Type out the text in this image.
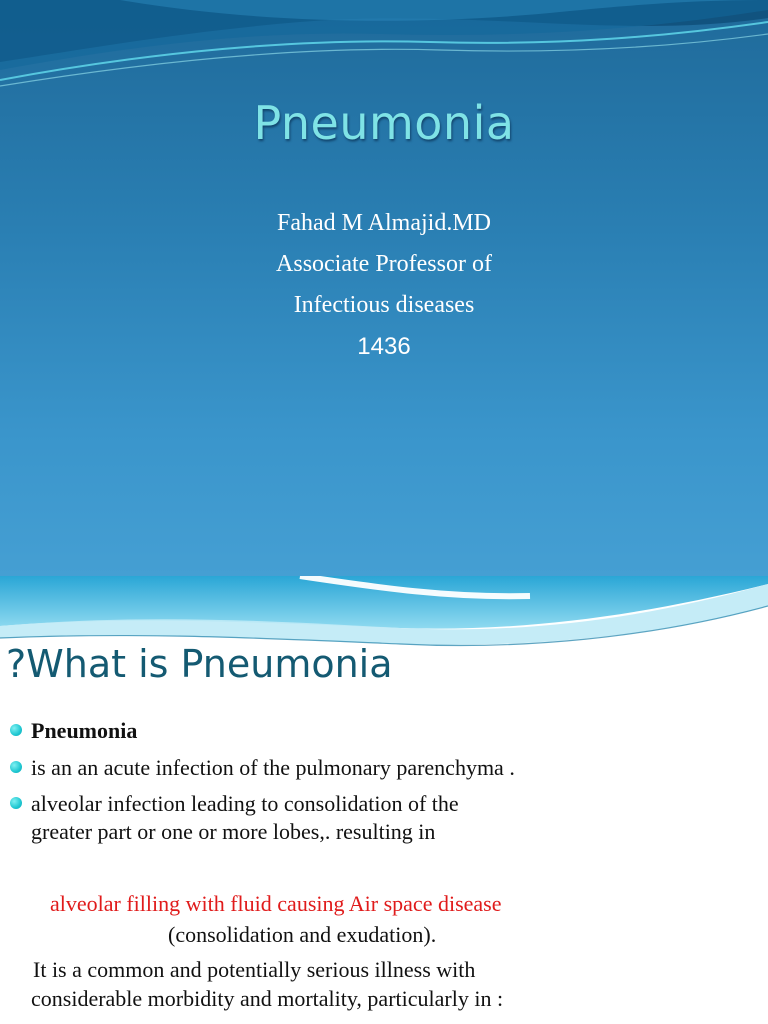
Pneumonia

Fahad M Almajid.MD

Associate Professor of

Infectious diseases

1436

?What is Pneumonia
Pneumonia
is an an acute infection of the pulmonary parenchyma .
alveolar infection leading to consolidation of the
greater part or one or more lobes,. resulting in
alveolar filling with fluid causing Air space disease
(consolidation and exudation).
It is a common and potentially serious illness with
considerable morbidity and mortality, particularly in :
